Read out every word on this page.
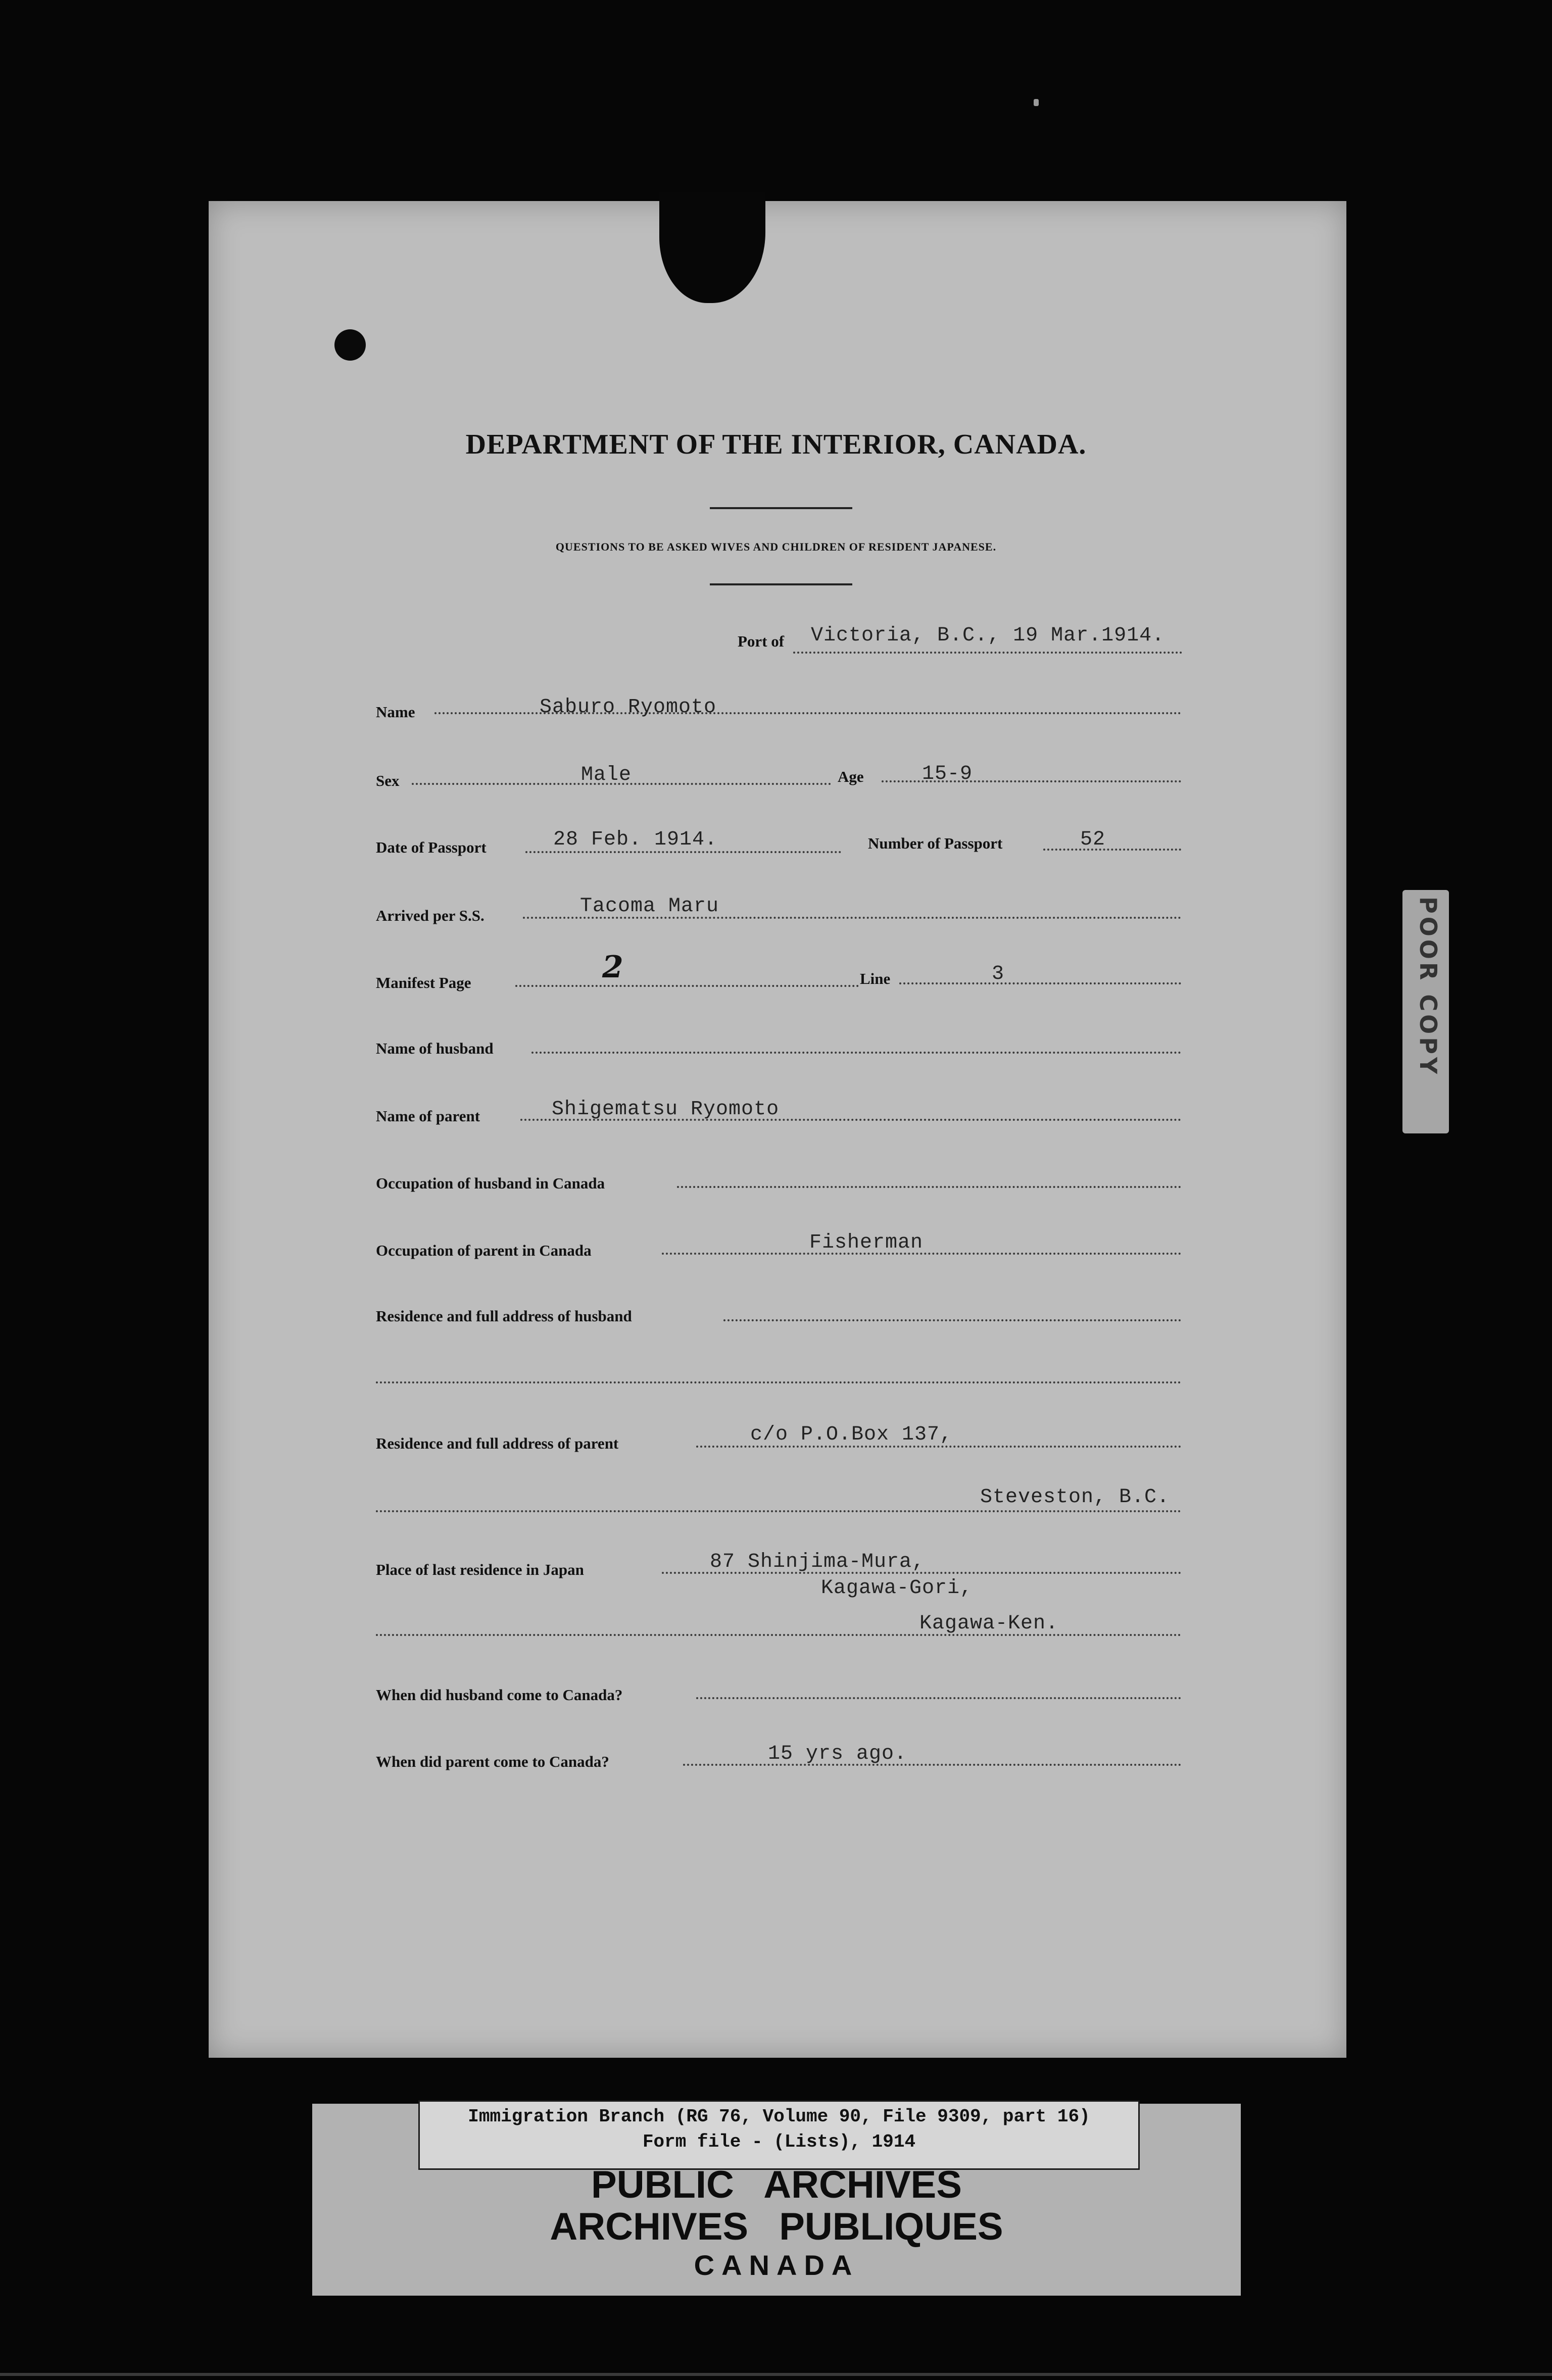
DEPARTMENT OF THE INTERIOR, CANADA.
QUESTIONS TO BE ASKED WIVES AND CHILDREN OF RESIDENT JAPANESE.
Port of Victoria, B.C., 19 Mar.1914.
Name	Saburo Ryomoto
Sex	Male	Age	15-9
Date of Passport	28 Feb. 1914.	Number of Passport	52
Arrived per S.S.	Tacoma Maru
Manifest Page	2	Line	3
Name of husband
Name of parent	Shigematsu Ryomoto
Occupation of husband in Canada
Occupation of parent in Canada	Fisherman
Residence and full address of husband
Residence and full address of parent	c/o P.O.Box 137,
Steveston, B.C.
Place of last residence in Japan	87 Shinjima-Mura,
Kagawa-Gori,
Kagawa-Ken.
When did husband come to Canada?
When did parent come to Canada?	15 yrs ago.
POOR COPY
Immigration Branch (RG 76, Volume 90, File 9309, part 16)
Form file - (Lists), 1914
PUBLIC ARCHIVES
ARCHIVES PUBLIQUES
CANADA
